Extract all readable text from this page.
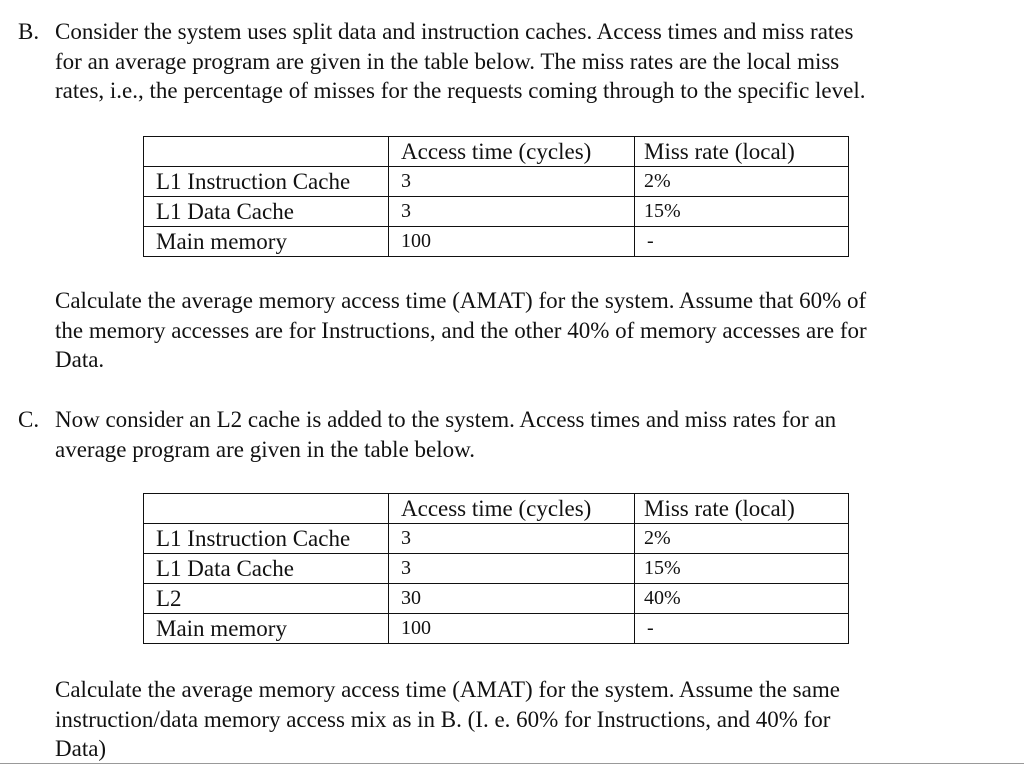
B. Consider the system uses split data and instruction caches. Access times and miss rates
for an average program are given in the table below. The miss rates are the local miss
rates, i.e., the percentage of misses for the requests coming through to the specific level.
	Access time (cycles)	Miss rate (local)
L1 Instruction Cache	3	2%
L1 Data Cache	3	15%
Main memory	100	-
Calculate the average memory access time (AMAT) for the system. Assume that 60% of
the memory accesses are for Instructions, and the other 40% of memory accesses are for
Data.
C. Now consider an L2 cache is added to the system. Access times and miss rates for an
average program are given in the table below.
	Access time (cycles)	Miss rate (local)
L1 Instruction Cache	3	2%
L1 Data Cache	3	15%
L2	30	40%
Main memory	100	-
Calculate the average memory access time (AMAT) for the system. Assume the same
instruction/data memory access mix as in B. (I. e. 60% for Instructions, and 40% for
Data)
